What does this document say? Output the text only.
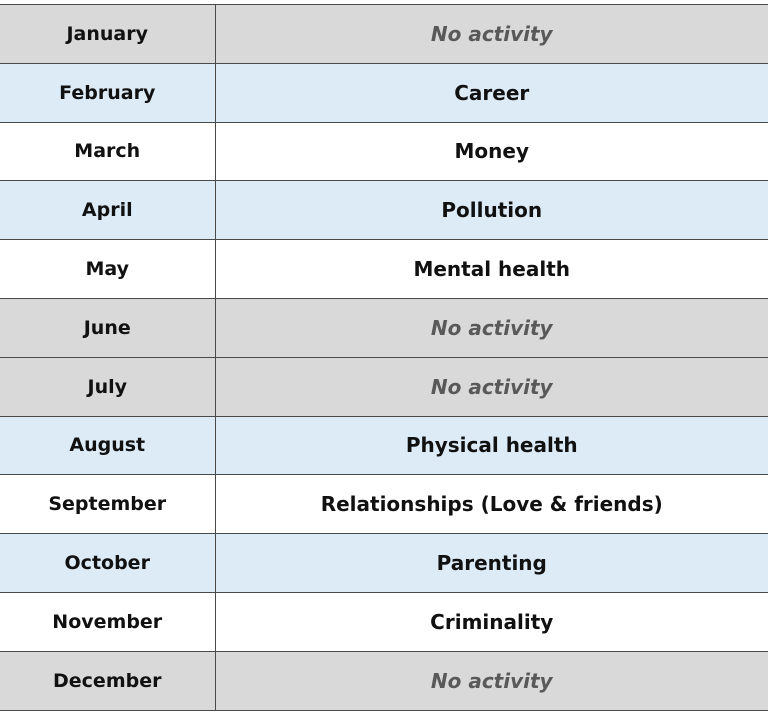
January	No activity
February	Career
March	Money
April	Pollution
May	Mental health
June	No activity
July	No activity
August	Physical health
September	Relationships (Love & friends)
October	Parenting
November	Criminality
December	No activity
